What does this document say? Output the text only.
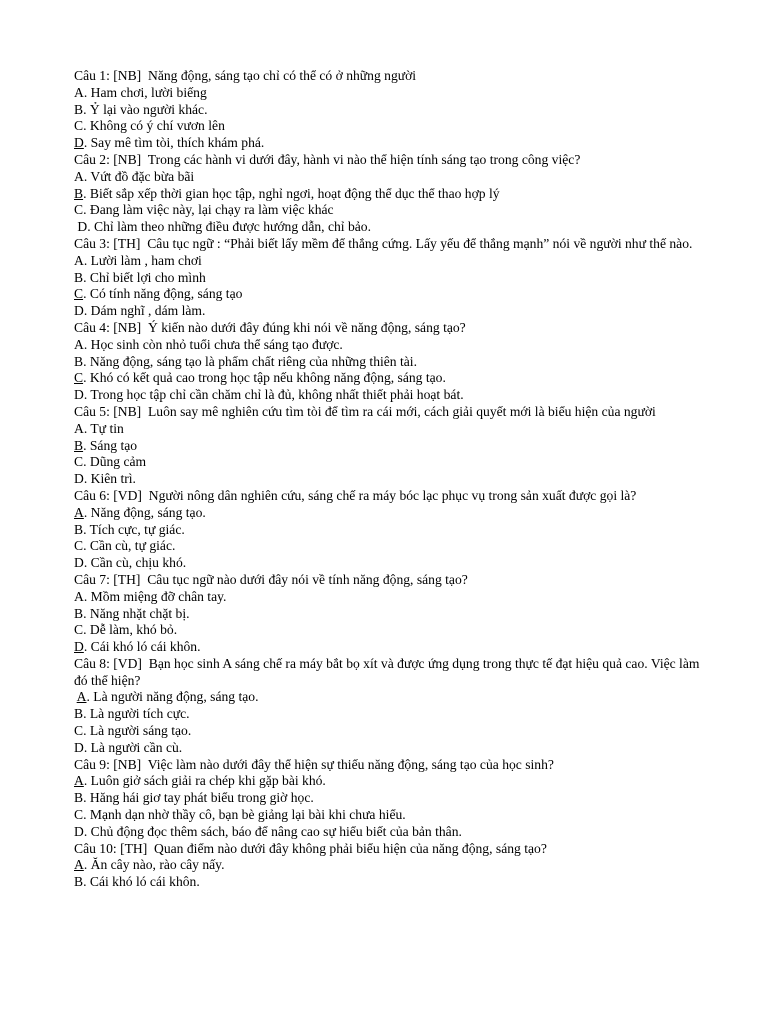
Câu 1: [NB]  Năng động, sáng tạo chỉ có thể có ở những người
A. Ham chơi, lười biếng
B. Ỷ lại vào người khác.
C. Không có ý chí vươn lên
D. Say mê tìm tòi, thích khám phá.
Câu 2: [NB]  Trong các hành vi dưới đây, hành vi nào thể hiện tính sáng tạo trong công việc?
A. Vứt đồ đặc bừa bãi
B. Biết sắp xếp thời gian học tập, nghỉ ngơi, hoạt động thể dục thể thao hợp lý
C. Đang làm việc này, lại chạy ra làm việc khác
D. Chỉ làm theo những điều được hướng dẫn, chỉ bảo.
Câu 3: [TH]  Câu tục ngữ : “Phải biết lấy mềm để thắng cứng. Lấy yếu để thắng mạnh” nói về người như thế nào.
A. Lười làm , ham chơi
B. Chỉ biết lợi cho mình
C. Có tính năng động, sáng tạo
D. Dám nghĩ , dám làm.
Câu 4: [NB]  Ý kiến nào dưới đây đúng khi nói về năng động, sáng tạo?
A. Học sinh còn nhỏ tuổi chưa thể sáng tạo được.
B. Năng động, sáng tạo là phẩm chất riêng của những thiên tài.
C. Khó có kết quả cao trong học tập nếu không năng động, sáng tạo.
D. Trong học tập chỉ cần chăm chỉ là đủ, không nhất thiết phải hoạt bát.
Câu 5: [NB]  Luôn say mê nghiên cứu tìm tòi để tìm ra cái mới, cách giải quyết mới là biểu hiện của người
A. Tự tin
B. Sáng tạo
C. Dũng cảm
D. Kiên trì.
Câu 6: [VD]  Người nông dân nghiên cứu, sáng chế ra máy bóc lạc phục vụ trong sản xuất được gọi là?
A. Năng động, sáng tạo.
B. Tích cực, tự giác.
C. Cần cù, tự giác.
D. Cần cù, chịu khó.
Câu 7: [TH]  Câu tục ngữ nào dưới đây nói về tính năng động, sáng tạo?
A. Mồm miệng đỡ chân tay.
B. Năng nhặt chặt bị.
C. Dễ làm, khó bỏ.
D. Cái khó ló cái khôn.
Câu 8: [VD]  Bạn học sinh A sáng chế ra máy bắt bọ xít và được ứng dụng trong thực tế đạt hiệu quả cao. Việc làm đó thể hiện?
A. Là người năng động, sáng tạo.
B. Là người tích cực.
C. Là người sáng tạo.
D. Là người cần cù.
Câu 9: [NB]  Việc làm nào dưới đây thể hiện sự thiếu năng động, sáng tạo của học sinh?
A. Luôn giở sách giải ra chép khi gặp bài khó.
B. Hăng hái giơ tay phát biểu trong giờ học.
C. Mạnh dạn nhờ thầy cô, bạn bè giảng lại bài khi chưa hiểu.
D. Chủ động đọc thêm sách, báo để nâng cao sự hiểu biết của bản thân.
Câu 10: [TH]  Quan điểm nào dưới đây không phải biểu hiện của năng động, sáng tạo?
A. Ăn cây nào, rào cây nấy.
B. Cái khó ló cái khôn.
